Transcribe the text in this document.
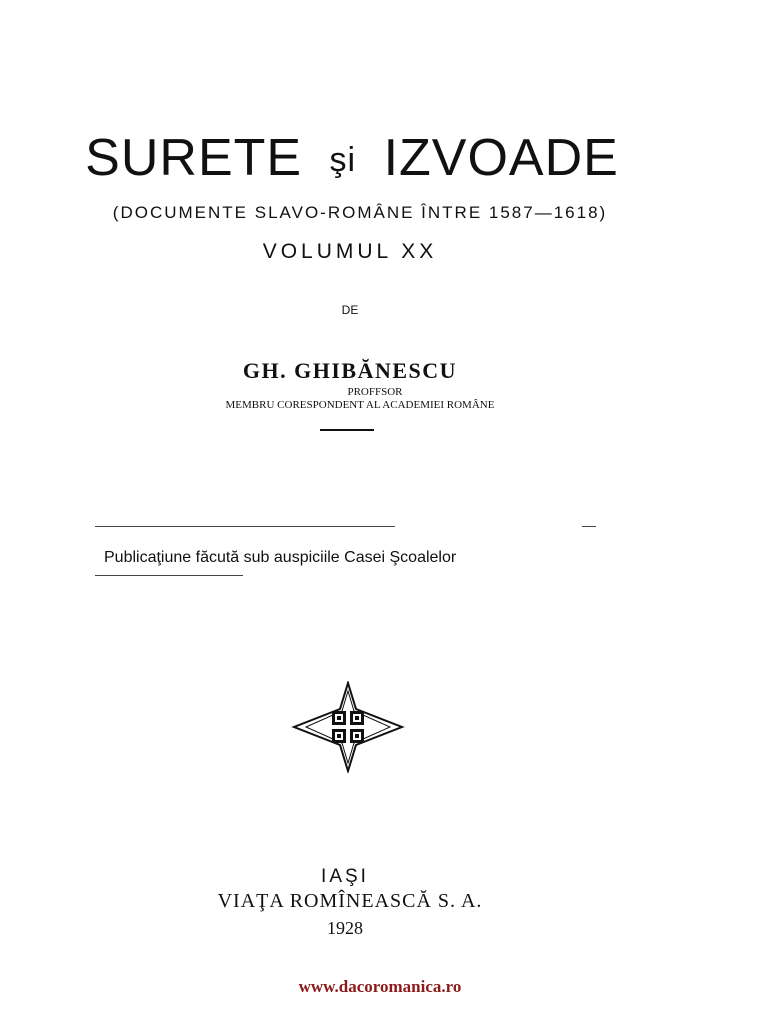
SURETE şi IZVOADE
(DOCUMENTE SLAVO-ROMÂNE ÎNTRE 1587—1618)
VOLUMUL XX
DE
GH. GHIBĂNESCU
PROFFSOR
MEMBRU CORESPONDENT AL ACADEMIEI ROMÂNE
Publicaţiune făcută sub auspiciile Casei Şcoalelor
IAŞI
VIAŢA ROMÎNEASCĂ S. A.
1928
www.dacoromanica.ro
